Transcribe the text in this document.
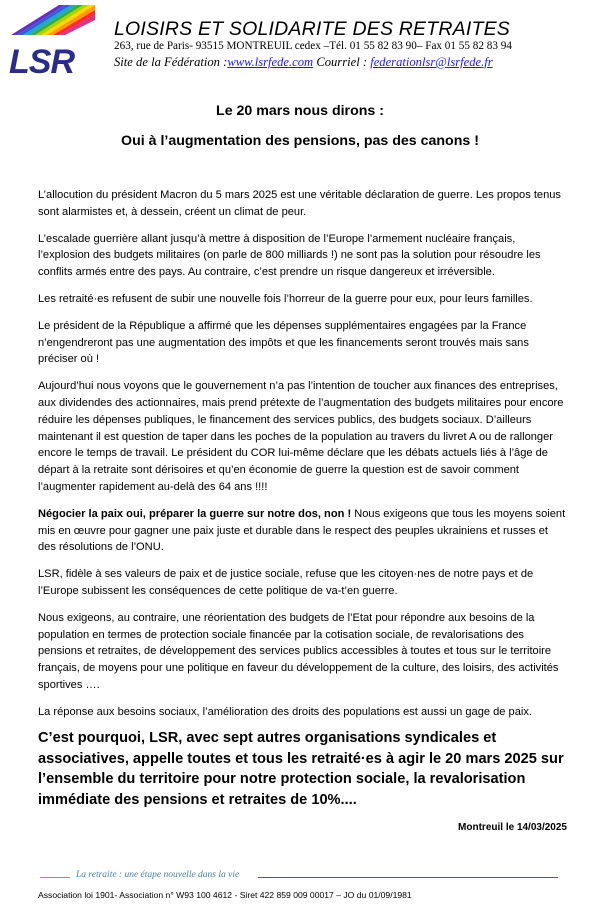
LSR
LOISIRS ET SOLIDARITE DES RETRAITES
263, rue de Paris- 93515 MONTREUIL cedex –Tél. 01 55 82 83 90– Fax 01 55 82 83 94
Site de la Fédération :www.lsrfede.com Courriel : federationlsr@lsrfede.fr
Le 20 mars nous dirons :
Oui à l’augmentation des pensions, pas des canons !

L’allocution du président Macron du 5 mars 2025 est une véritable déclaration de guerre. Les propos tenus sont alarmistes et, à dessein, créent un climat de peur.

L’escalade guerrière allant jusqu’à mettre à disposition de l’Europe l’armement nucléaire français, l’explosion des budgets militaires (on parle de 800 milliards !) ne sont pas la solution pour résoudre les conflits armés entre des pays. Au contraire, c’est prendre un risque dangereux et irréversible.

Les retraité·es refusent de subir une nouvelle fois l’horreur de la guerre pour eux, pour leurs familles.

Le président de la République a affirmé que les dépenses supplémentaires engagées par la France n’engendreront pas une augmentation des impôts et que les financements seront trouvés mais sans préciser où !

Aujourd’hui nous voyons que le gouvernement n’a pas l’intention de toucher aux finances des entreprises, aux dividendes des actionnaires, mais prend prétexte de l’augmentation des budgets militaires pour encore réduire les dépenses publiques, le financement des services publics, des budgets sociaux. D’ailleurs maintenant il est question de taper dans les poches de la population au travers du livret A ou de rallonger encore le temps de travail. Le président du COR lui-même déclare que les débats actuels liés à l’âge de départ à la retraite sont dérisoires et qu’en économie de guerre la question est de savoir comment l’augmenter rapidement au-delà des 64 ans !!!!

Négocier la paix oui, préparer la guerre sur notre dos, non ! Nous exigeons que tous les moyens soient mis en œuvre pour gagner une paix juste et durable dans le respect des peuples ukrainiens et russes et des résolutions de l’ONU.

LSR, fidèle à ses valeurs de paix et de justice sociale, refuse que les citoyen·nes de notre pays et de l’Europe subissent les conséquences de cette politique de va-t’en guerre.

Nous exigeons, au contraire, une réorientation des budgets de l’Etat pour répondre aux besoins de la population en termes de protection sociale financée par la cotisation sociale, de revalorisations des pensions et retraites, de développement des services publics accessibles à toutes et tous sur le territoire français, de moyens pour une politique en faveur du développement de la culture, des loisirs, des activités sportives ….

La réponse aux besoins sociaux, l’amélioration des droits des populations est aussi un gage de paix.

C’est pourquoi, LSR, avec sept autres organisations syndicales et associatives, appelle toutes et tous les retraité·es à agir le 20 mars 2025 sur l’ensemble du territoire pour notre protection sociale, la revalorisation immédiate des pensions et retraites de 10%....

Montreuil le 14/03/2025
La retraite : une étape nouvelle dans la vie
Association loi 1901- Association n° W93 100 4612 - Siret 422 859 009 00017 – JO du 01/09/1981
